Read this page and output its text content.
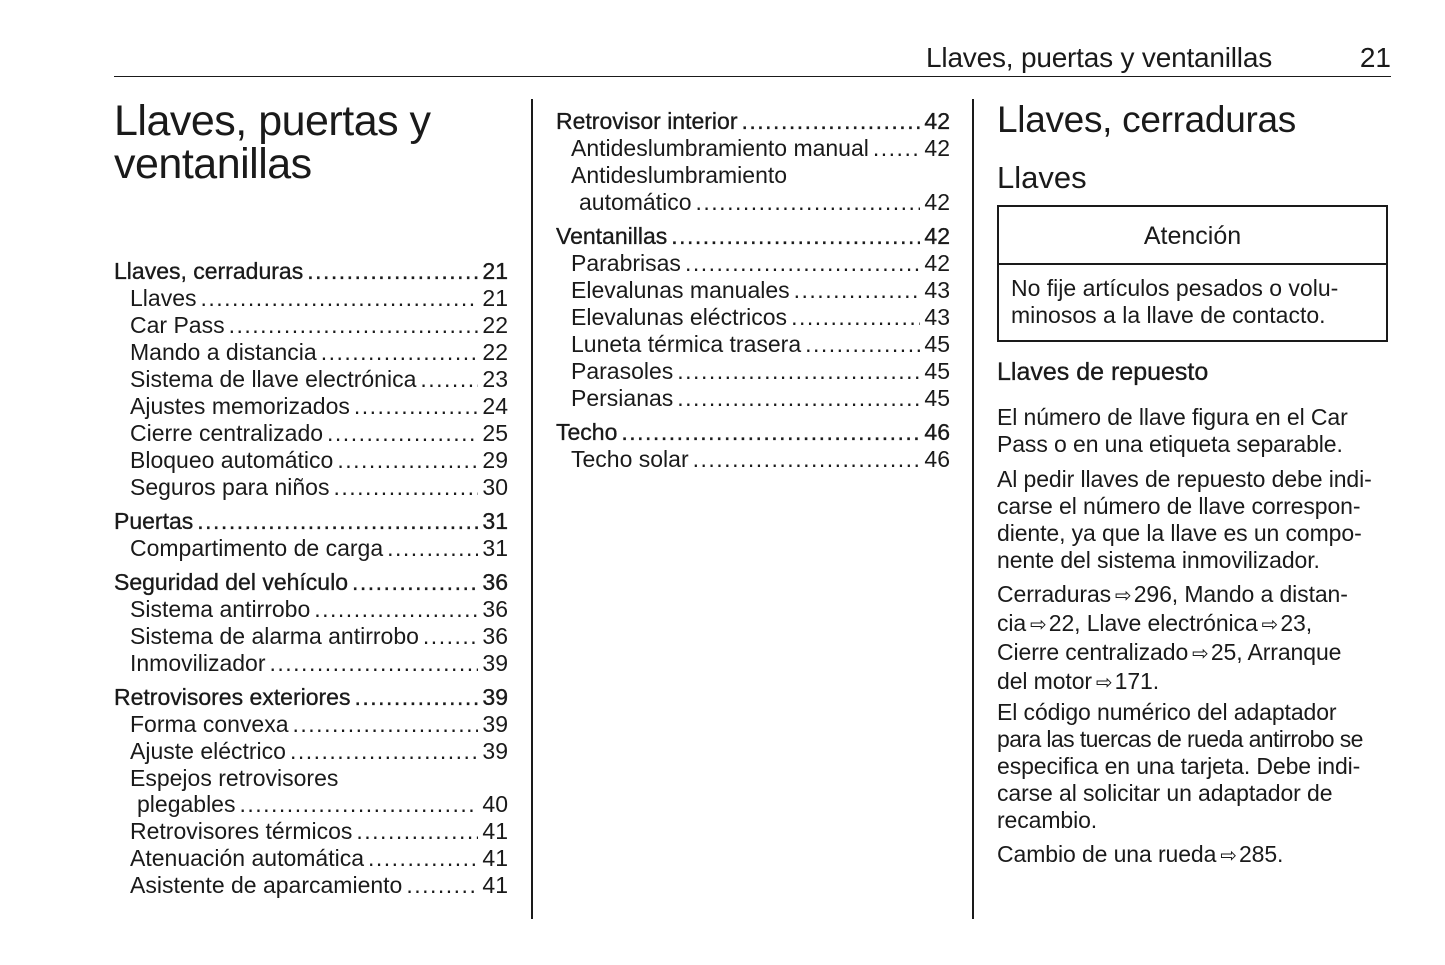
Llaves, puertas y ventanillas	21
Llaves, puertas y
ventanillas
Llaves, cerraduras .....	21
Llaves .....	21
Car Pass .....	22
Mando a distancia .....	22
Sistema de llave electrónica .....	23
Ajustes memorizados .....	24
Cierre centralizado .....	25
Bloqueo automático .....	29
Seguros para niños .....	30
Puertas .....	31
Compartimento de carga .....	31
Seguridad del vehículo .....	36
Sistema antirrobo .....	36
Sistema de alarma antirrobo .....	36
Inmovilizador .....	39
Retrovisores exteriores .....	39
Forma convexa .....	39
Ajuste eléctrico .....	39
Espejos retrovisores
plegables .....	40
Retrovisores térmicos .....	41
Atenuación automática .....	41
Asistente de aparcamiento .....	41
Retrovisor interior .....	42
Antideslumbramiento manual ..... 42
Antideslumbramiento
automático .....	42
Ventanillas .....	42
Parabrisas .....	42
Elevalunas manuales .....	43
Elevalunas eléctricos .....	43
Luneta térmica trasera .....	45
Parasoles .....	45
Persianas .....	45
Techo .....	46
Techo solar .....	46
Llaves, cerraduras
Llaves
Atención
No fije artículos pesados o volu-
minosos a la llave de contacto.
Llaves de repuesto

El número de llave figura en el Car
Pass o en una etiqueta separable.

Al pedir llaves de repuesto debe indi-
carse el número de llave correspon-
diente, ya que la llave es un compo-
nente del sistema inmovilizador.

Cerraduras ⇨296, Mando a distan-
cia ⇨22, Llave electrónica ⇨23,
Cierre centralizado ⇨25, Arranque
del motor ⇨171.

El código numérico del adaptador
para las tuercas de rueda antirrobo se
especifica en una tarjeta. Debe indi-
carse al solicitar un adaptador de
recambio.

Cambio de una rueda ⇨285.
